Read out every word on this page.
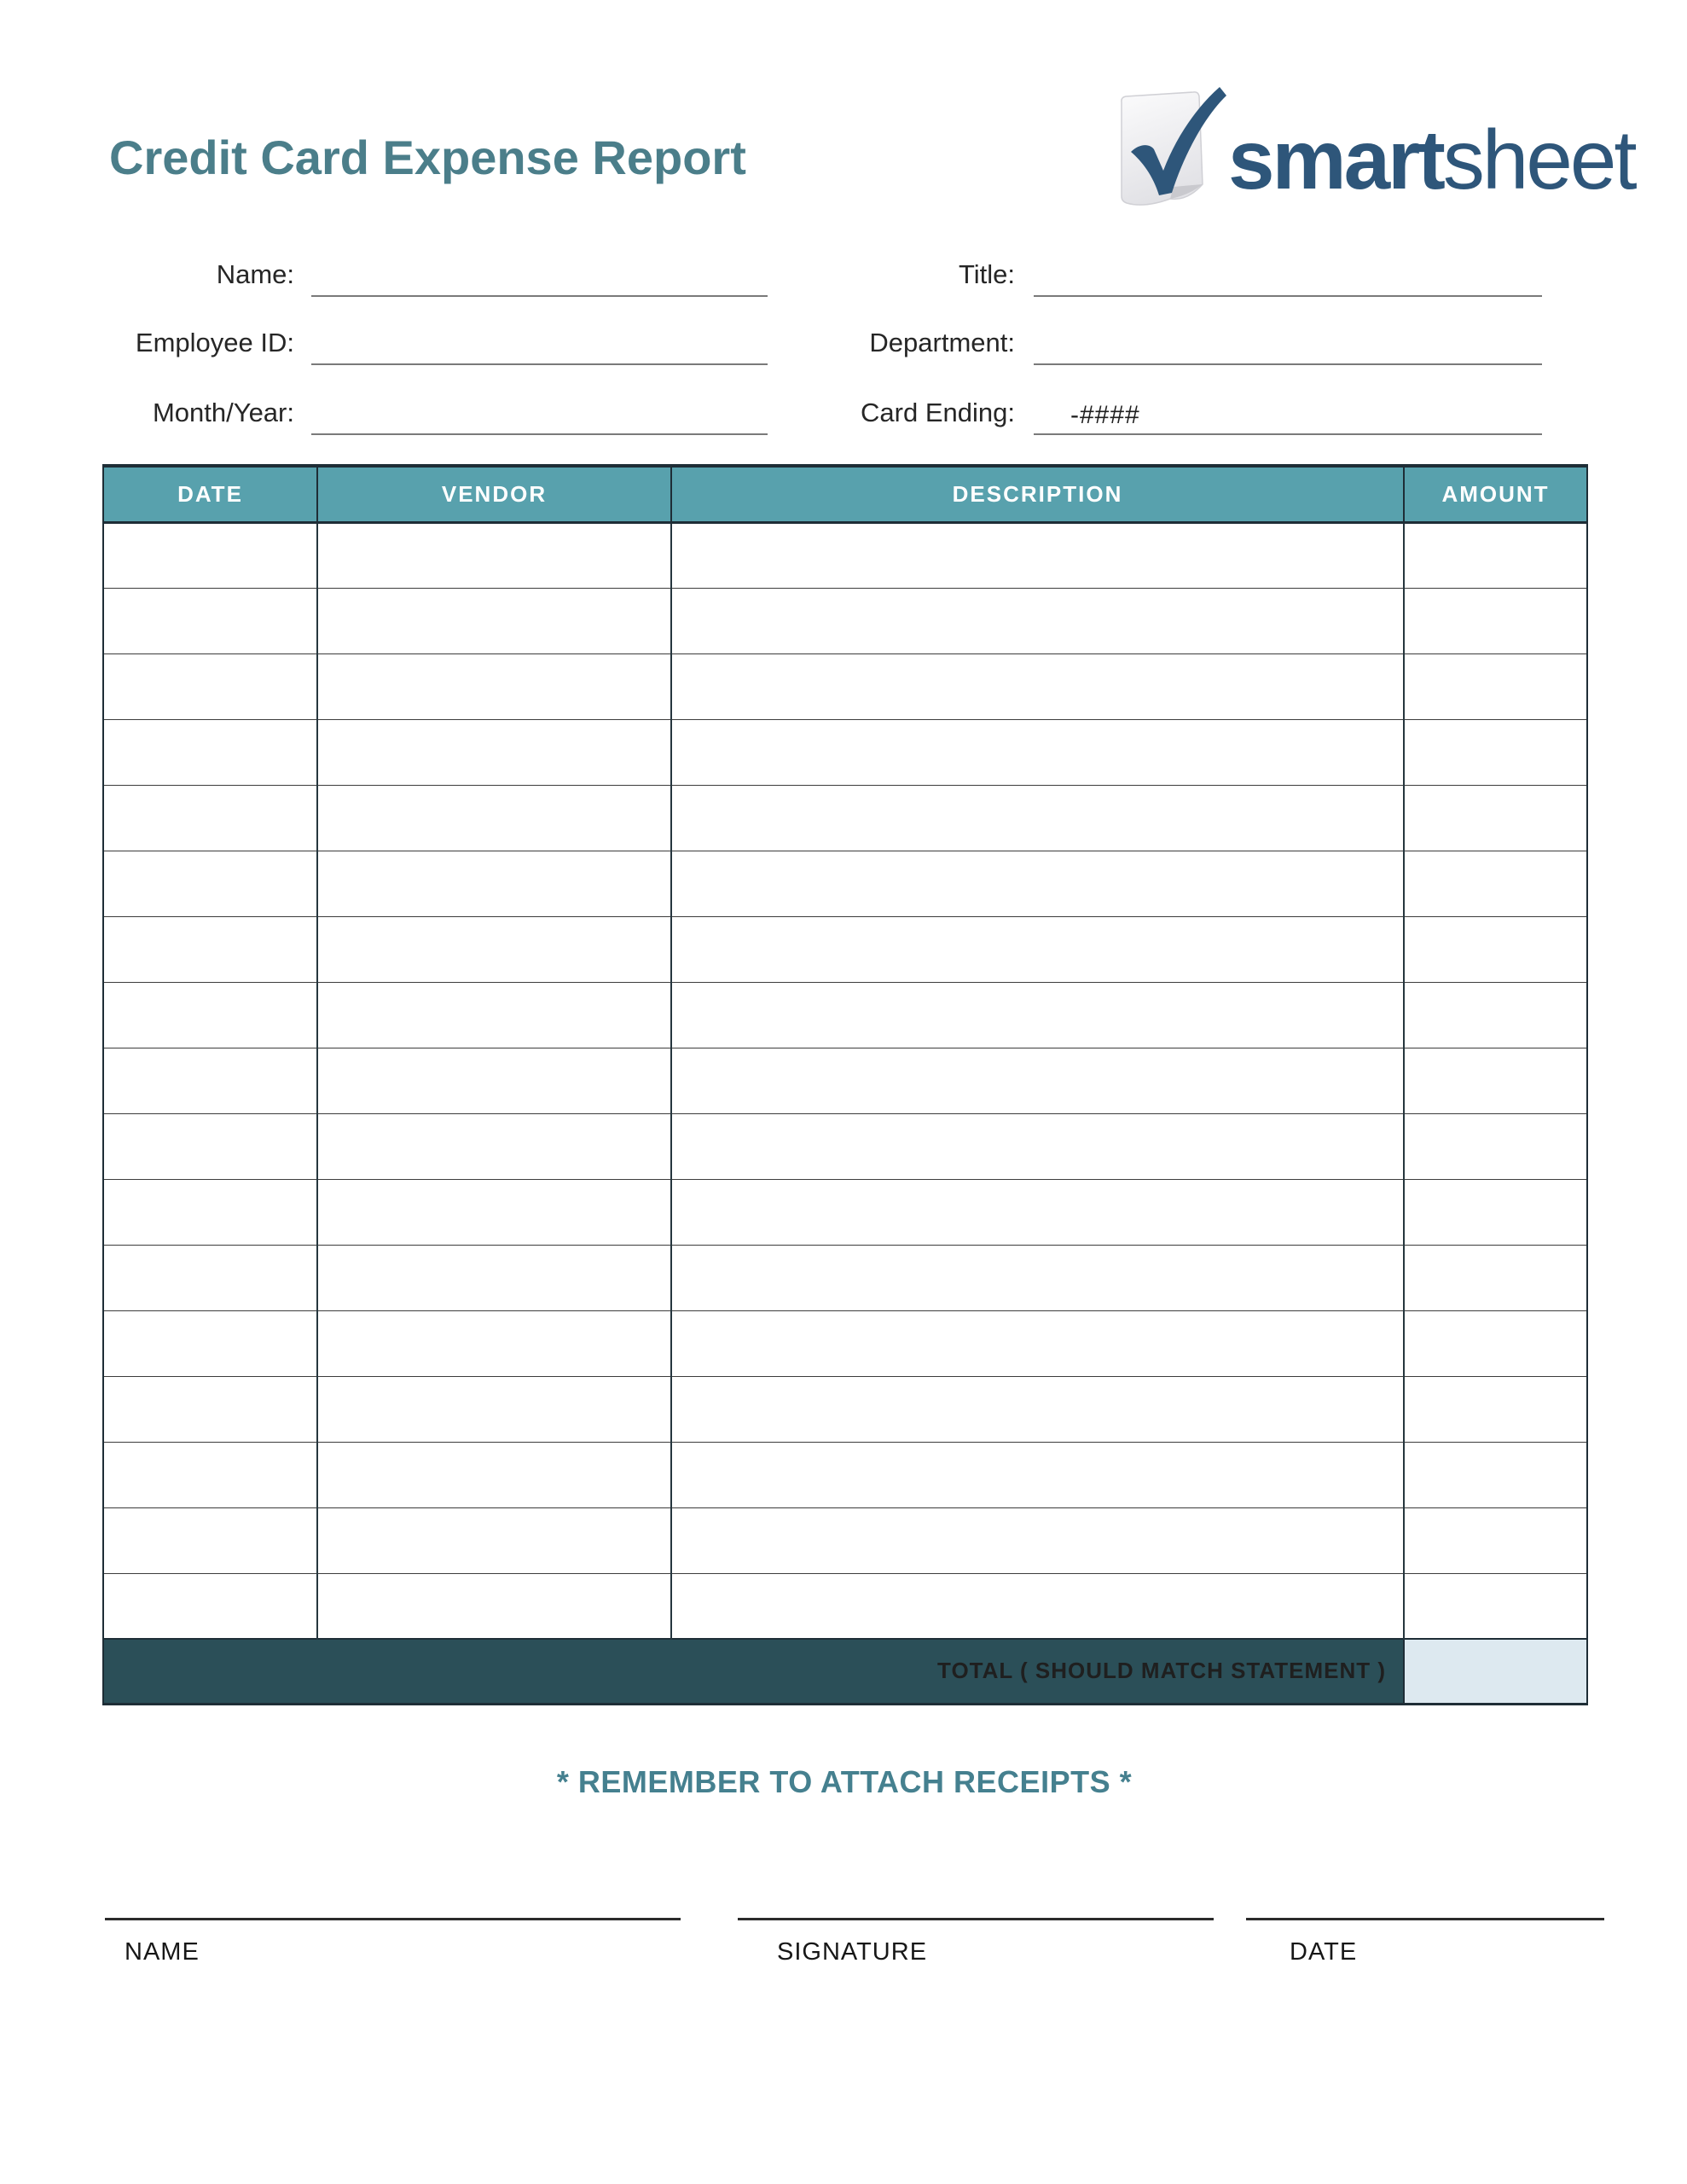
Credit Card Expense Report	smartsheet
Name:	Title:
Employee ID:	Department:
Month/Year:	Card Ending: -####
DATE	VENDOR	DESCRIPTION	AMOUNT

TOTAL ( SHOULD MATCH STATEMENT )			
* REMEMBER TO ATTACH RECEIPTS *
NAME	SIGNATURE	DATE
